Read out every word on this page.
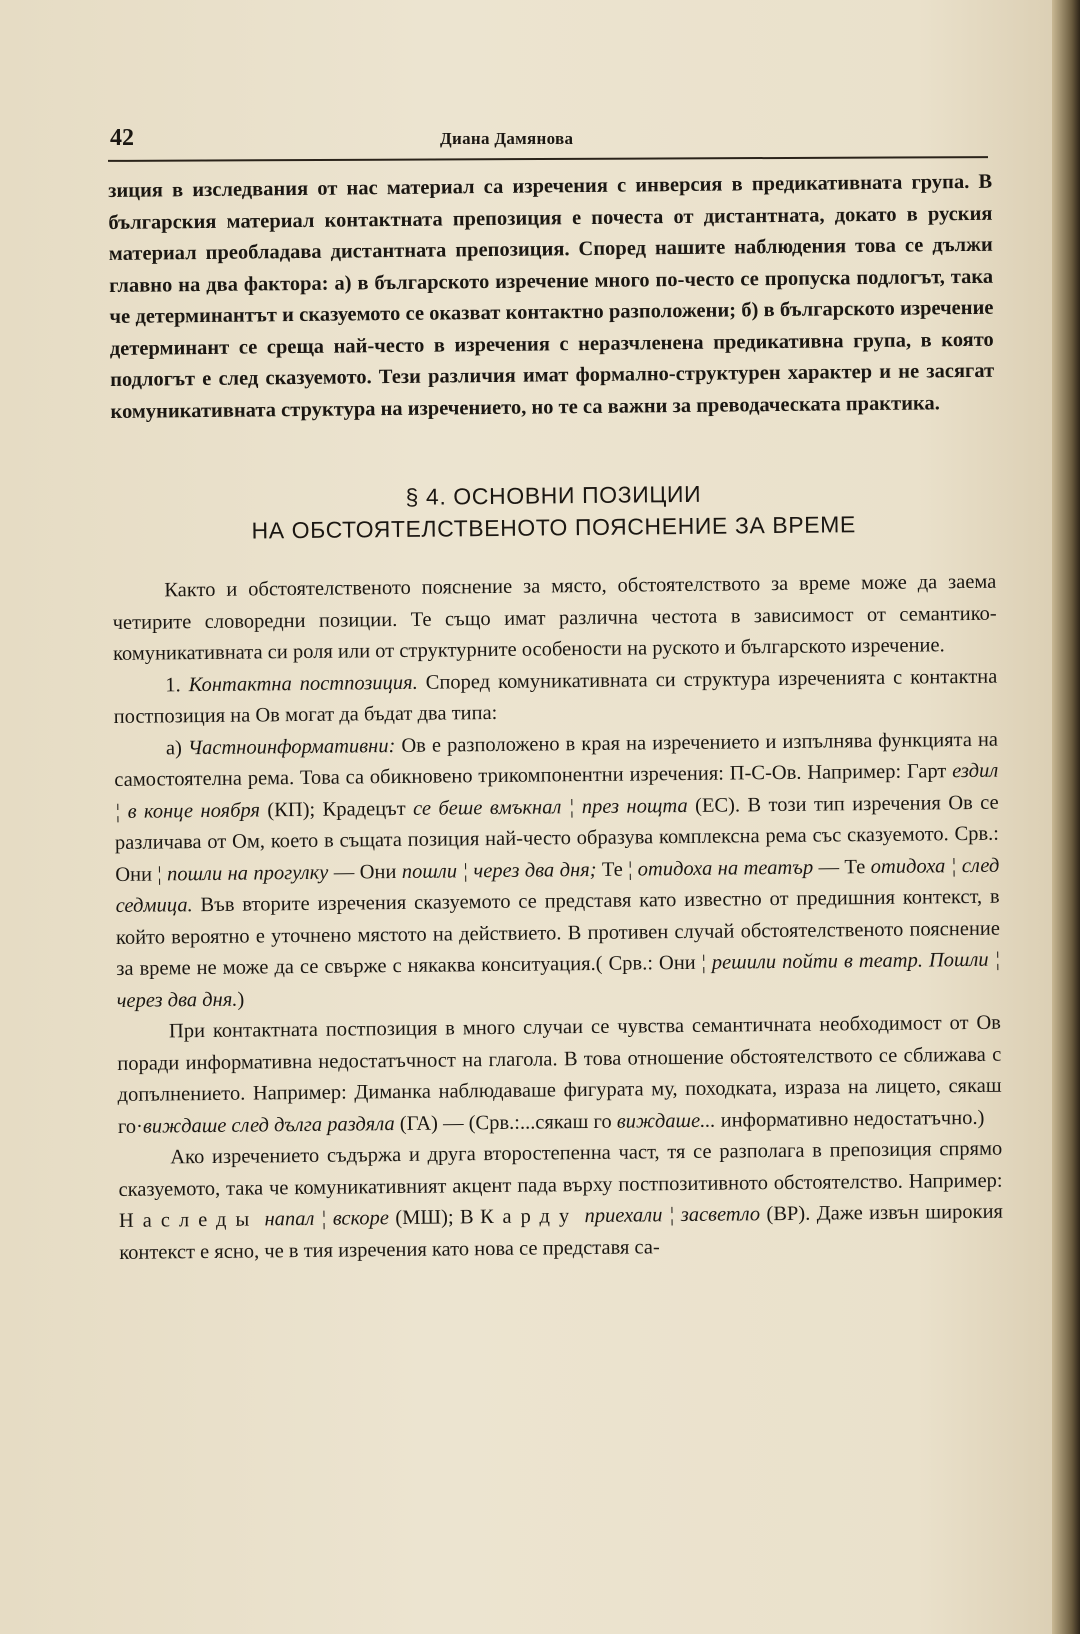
42	Диана Дамянова

зиция в изследвания от нас материал са изречения с инверсия в предикативната група. В българския материал контактната препозиция е почеста от дистантната, докато в руския материал преобладава дистантната препозиция. Според нашите наблюдения това се дължи главно на два фактора: а) в българското изречение много по-често се пропуска подлогът, така че детерминантът и сказуемото се оказват контактно разположени; б) в българското изречение детерминант се среща най-често в изречения с неразчленена предикативна група, в която подлогът е след сказуемото. Тези различия имат формално-структурен характер и не засягат комуникативната структура на изречението, но те са важни за преводаческата практика.

§ 4. ОСНОВНИ ПОЗИЦИИ
НА ОБСТОЯТЕЛСТВЕНОТО ПОЯСНЕНИЕ ЗА ВРЕМЕ

Както и обстоятелственото пояснение за място, обстоятелството за време може да заема четирите словоредни позиции. Те също имат различна честота в зависимост от семантико-комуникативната си роля или от структурните особености на руското и българското изречение.

1. Контактна постпозиция. Според комуникативната си структура изреченията с контактна постпозиция на Oв могат да бъдат два типа:

а) Частноинформативни: Oв е разположено в края на изречението и изпълнява функцията на самостоятелна рема. Това са обикновено трикомпонентни изречения: П-С-Oв. Например: Гарт ездил ¦ в конце ноября (КП); Крадецът се беше вмъкнал ¦ през нощта (ЕС). В този тип изречения Oв се различава от Oм, което в същата позиция най-често образува комплексна рема със сказуемото. Срв.: Они ¦ пошли на прогулку — Они пошли ¦ через два дня; Те ¦ отидоха на театър — Те отидоха ¦ след седмица. Във вторите изречения сказуемото се представя като известно от предишния контекст, в който вероятно е уточнено мястото на действието. В противен случай обстоятелственото пояснение за време не може да се свърже с някаква конситуация.( Срв.: Они ¦ решили пойти в театр. Пошли ¦ через два дня.)

При контактната постпозиция в много случаи се чувства семантичната необходимост от Oв поради информативна недостатъчност на глагола. В това отношение обстоятелството се сближава с допълнението. Например: Диманка наблюдаваше фигурата му, походката, израза на лицето, сякаш го·виждаше след дълга раздяла (ГА) — (Срв.:...сякаш го виждаше... информативно недостатъчно.)

Ако изречението съдържа и друга второстепенна част, тя се разполага в препозиция спрямо сказуемото, така че комуникативният акцент пада върху постпозитивното обстоятелство. Например: Наследы напал ¦ вскоре (МШ); В Карду приехали ¦ засветло (ВР). Даже извън широкия контекст е ясно, че в тия изречения като нова се представя са-
